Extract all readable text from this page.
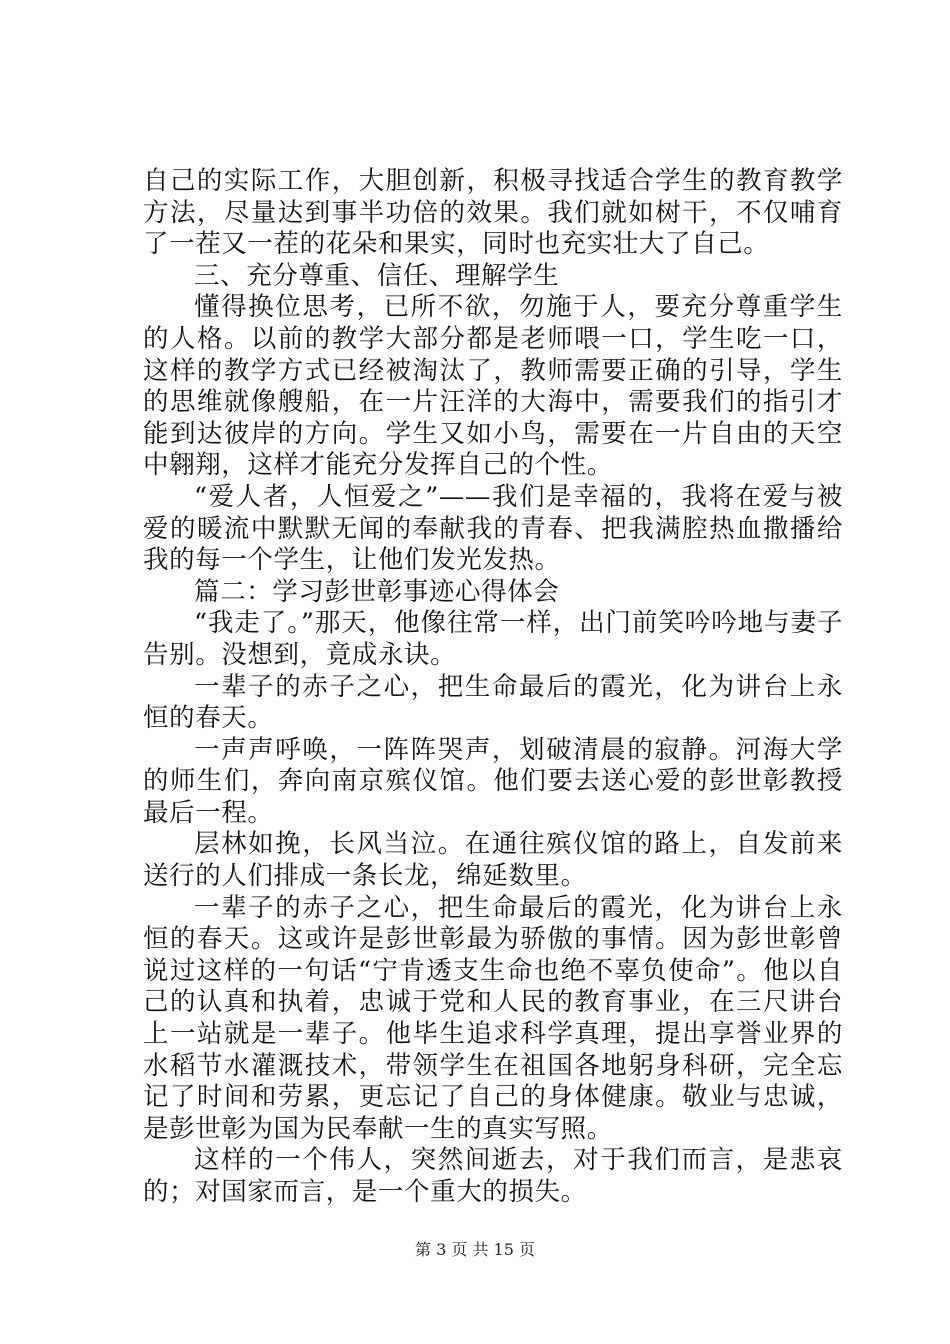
自己的实际工作，大胆创新，积极寻找适合学生的教育教学方法，尽量达到事半功倍的效果。我们就如树干，不仅哺育了一茬又一茬的花朵和果实，同时也充实壮大了自己。

三、充分尊重、信任、理解学生

懂得换位思考，已所不欲，勿施于人，要充分尊重学生的人格。以前的教学大部分都是老师喂一口，学生吃一口，这样的教学方式已经被淘汰了，教师需要正确的引导，学生的思维就像艘船，在一片汪洋的大海中，需要我们的指引才能到达彼岸的方向。学生又如小鸟，需要在一片自由的天空中翱翔，这样才能充分发挥自己的个性。

“爱人者，人恒爱之”——我们是幸福的，我将在爱与被爱的暖流中默默无闻的奉献我的青春、把我满腔热血撒播给我的每一个学生，让他们发光发热。

篇二：学习彭世彰事迹心得体会

“我走了。”那天，他像往常一样，出门前笑吟吟地与妻子告别。没想到，竟成永诀。

一辈子的赤子之心，把生命最后的霞光，化为讲台上永恒的春天。

一声声呼唤，一阵阵哭声，划破清晨的寂静。河海大学的师生们，奔向南京殡仪馆。他们要去送心爱的彭世彰教授最后一程。

层林如挽，长风当泣。在通往殡仪馆的路上，自发前来送行的人们排成一条长龙，绵延数里。

一辈子的赤子之心，把生命最后的霞光，化为讲台上永恒的春天。这或许是彭世彰最为骄傲的事情。因为彭世彰曾说过这样的一句话“宁肯透支生命也绝不辜负使命”。他以自己的认真和执着，忠诚于党和人民的教育事业，在三尺讲台上一站就是一辈子。他毕生追求科学真理，提出享誉业界的水稻节水灌溉技术，带领学生在祖国各地躬身科研，完全忘记了时间和劳累，更忘记了自己的身体健康。敬业与忠诚，是彭世彰为国为民奉献一生的真实写照。

这样的一个伟人，突然间逝去，对于我们而言，是悲哀的；对国家而言，是一个重大的损失。

第 3 页 共 15 页
